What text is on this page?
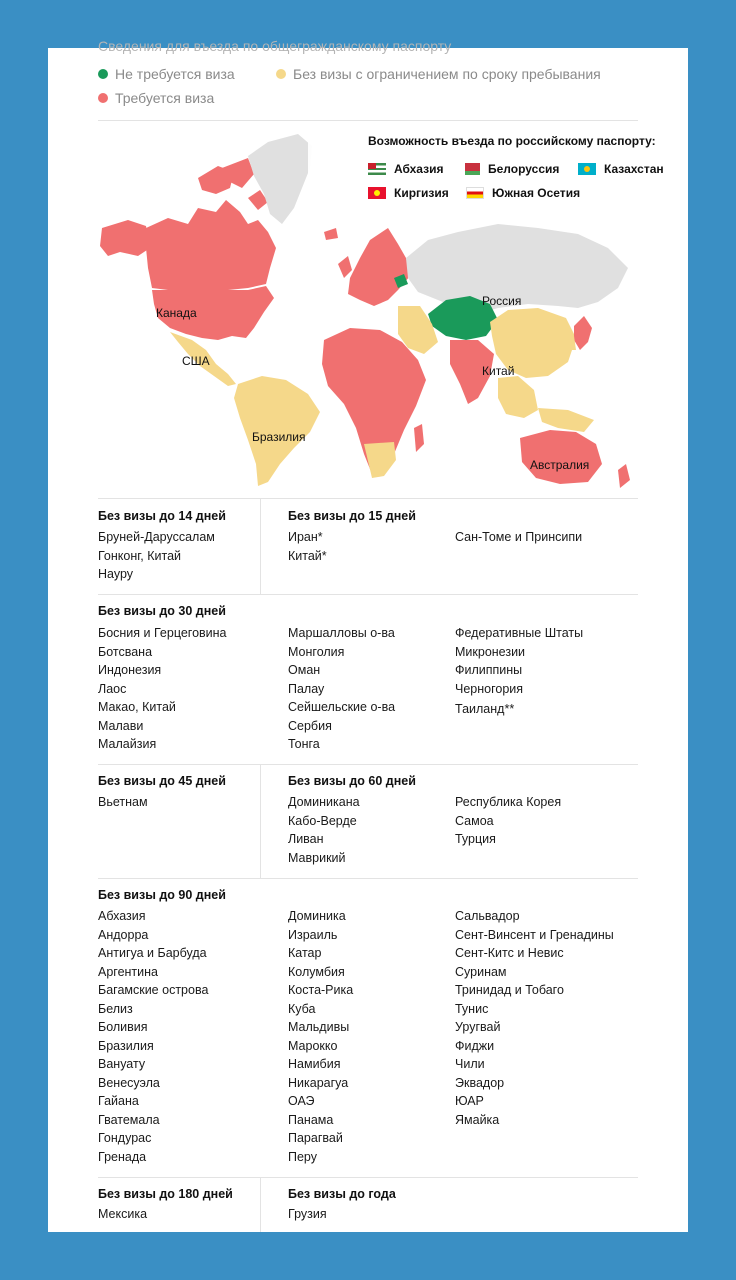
Сведения для въезда по общегражданскому паспорту
Не требуется виза	Без визы с ограничением по сроку пребывания
Требуется виза
Канада
США
Бразилия
Россия
Китай
Австралия
Возможность въезда по российскому паспорту:
Абхазия	Белоруссия	Казахстан
Киргизия	Южная Осетия
Без визы до 14 дней
Бруней-Даруссалам
Гонконг, Китай
Науру
Без визы до 15 дней
Иран*
Китай*
Сан-Томе и Принсипи
Без визы до 30 дней
Босния и Герцеговина
Ботсвана
Индонезия
Лаос
Макао, Китай
Малави
Малайзия
Маршалловы о-ва
Монголия
Оман
Палау
Сейшельские о-ва
Сербия
Тонга
Федеративные Штаты Микронезии
Филиппины
Черногория
Таиланд**
Без визы до 45 дней
Вьетнам
Без визы до 60 дней
Доминикана
Кабо-Верде
Ливан
Маврикий
Республика Корея
Самоа
Турция
Без визы до 90 дней
Абхазия
Андорра
Антигуа и Барбуда
Аргентина
Багамские острова
Белиз
Боливия
Бразилия
Вануату
Венесуэла
Гайана
Гватемала
Гондурас
Гренада
Доминика
Израиль
Катар
Колумбия
Коста-Рика
Куба
Мальдивы
Марокко
Намибия
Никарагуа
ОАЭ
Панама
Парагвай
Перу
Сальвадор
Сент-Винсент и Гренадины
Сент-Китс и Невис
Суринам
Тринидад и Тобаго
Тунис
Уругвай
Фиджи
Чили
Эквадор
ЮАР
Ямайка
Без визы до 180 дней
Мексика
Без визы до года
Грузия
